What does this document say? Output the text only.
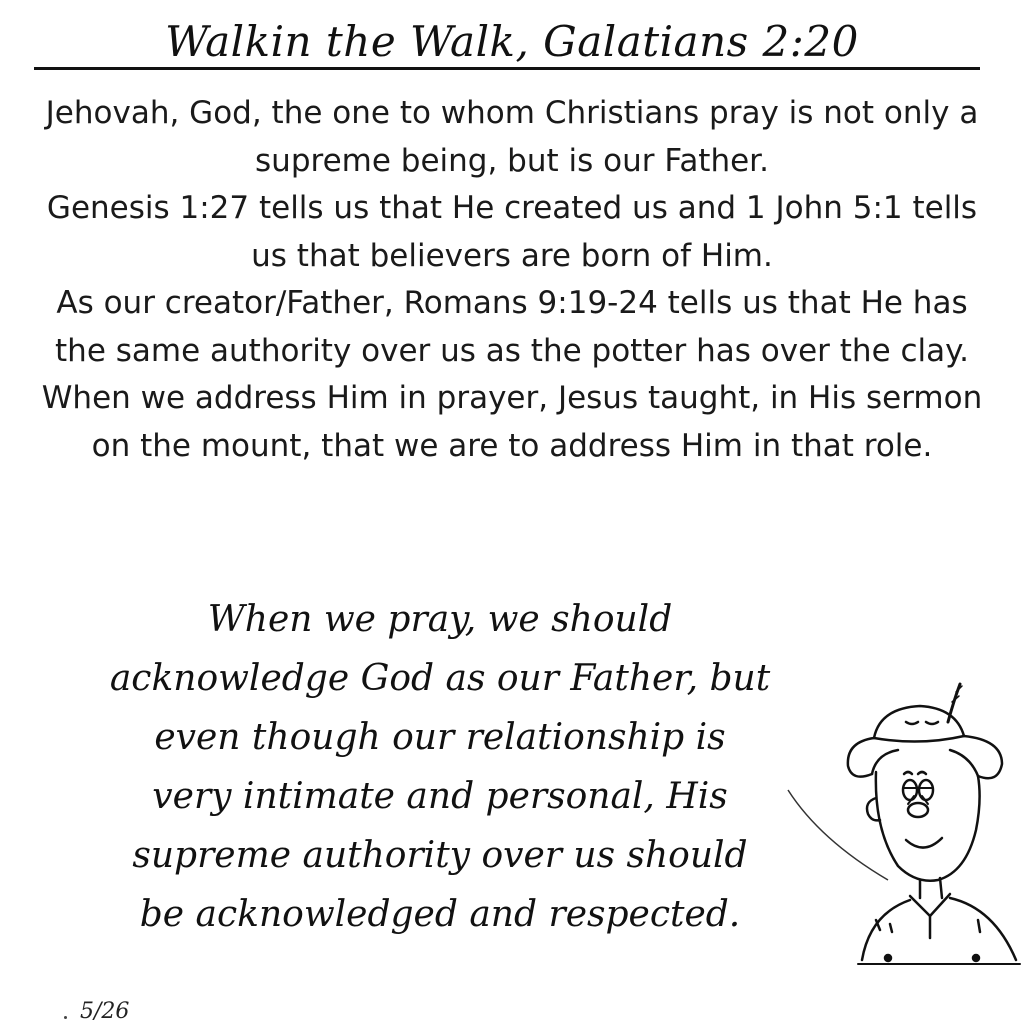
Walkin the Walk, Galatians 2:20

Jehovah, God, the one to whom Christians pray is not only a supreme being, but is our Father.

Genesis 1:27 tells us that He created us and 1 John 5:1 tells us that believers are born of Him.

As our creator/Father, Romans 9:19-24 tells us that He has the same authority over us as the potter has over the clay.

When we address Him in prayer, Jesus taught, in His sermon on the mount, that we are to address Him in that role.

When we pray, we should

acknowledge God as our Father, but

even though our relationship is

very intimate and personal, His

supreme authority over us should

be acknowledged and respected.

5/26
